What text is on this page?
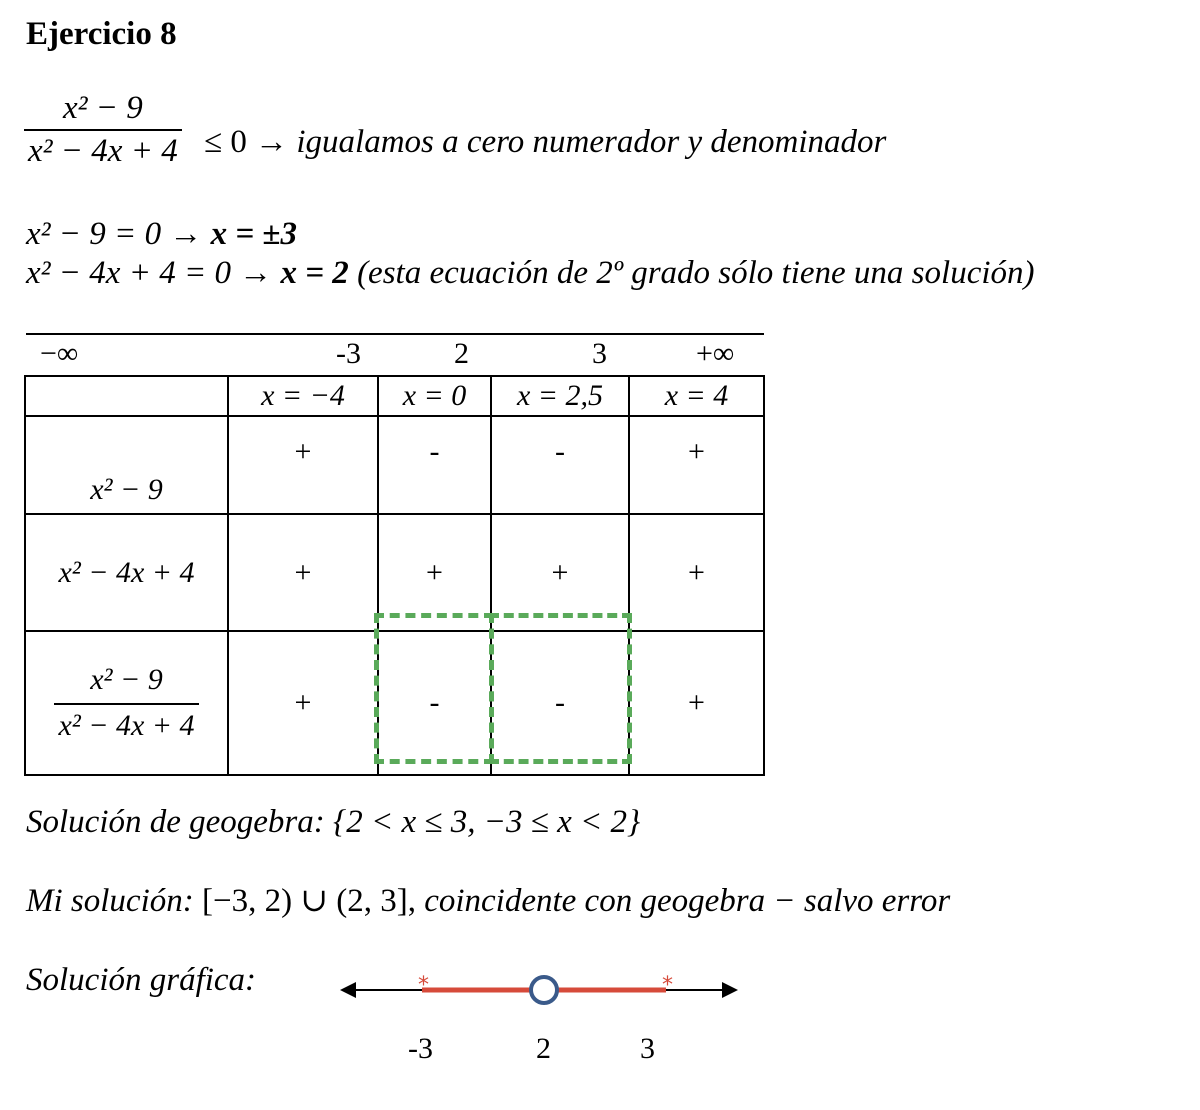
Ejercicio 8
$\frac{\text{x² − 9}}{\text{x² − 4x + 4}} \le 0$ → igualamos a cero numerador y denominador
x² − 9 = 0 → x = ±3
x² − 4x + 4 = 0 → x = 2 (esta ecuación de 2º grado sólo tiene una solución)
−∞	-3	2	3	+∞
	x = −4	x = 0	x = 2,5	x = 4
x² − 9	+	-	-	+
x² − 4x + 4	+	+	+	+

$\frac{\text{x² − 9}}{\text{x² − 4x + 4}}$	+	-	-	+
Solución de geogebra: {2 < x ≤ 3, −3 ≤ x < 2}
Mi solución: [−3, 2) ∪ (2, 3], coincidente con geogebra − salvo error
Solución gráfica:	*	*
-3	2	3
